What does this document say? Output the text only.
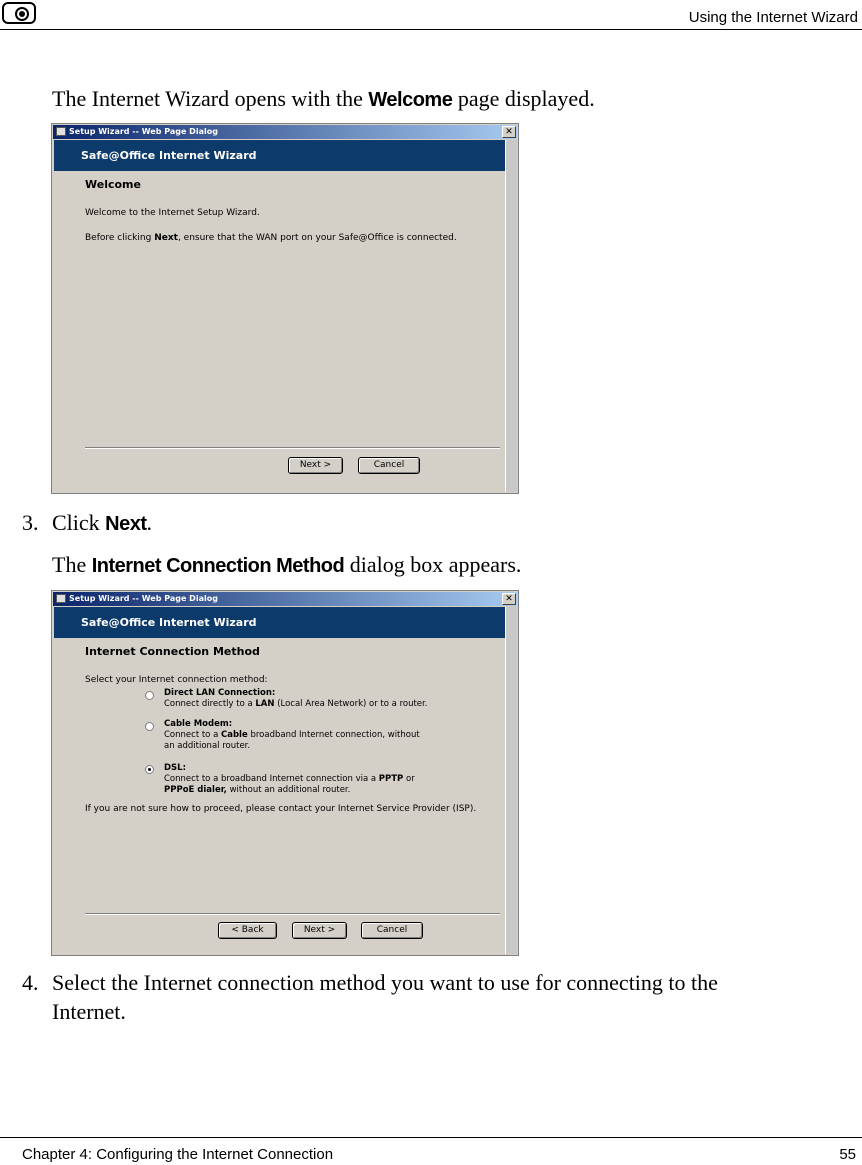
Using the Internet Wizard
The Internet Wizard opens with the Welcome page displayed.
Setup Wizard -- Web Page Dialog	✕
Safe@Office Internet Wizard
Welcome
Welcome to the Internet Setup Wizard.
Before clicking Next, ensure that the WAN port on your Safe@Office is connected.
Next >	Cancel
3. Click Next.
The Internet Connection Method dialog box appears.
Setup Wizard -- Web Page Dialog	✕
Safe@Office Internet Wizard
Internet Connection Method
Select your Internet connection method:
Direct LAN Connection:
Connect directly to a LAN (Local Area Network) or to a router.
Cable Modem:
Connect to a Cable broadband Internet connection, without
an additional router.
DSL:
Connect to a broadband Internet connection via a PPTP or
PPPoE dialer, without an additional router.
If you are not sure how to proceed, please contact your Internet Service Provider (ISP).
< Back	Next >	Cancel
4. Select the Internet connection method you want to use for connecting to the
Internet.
Chapter 4: Configuring the Internet Connection	55
